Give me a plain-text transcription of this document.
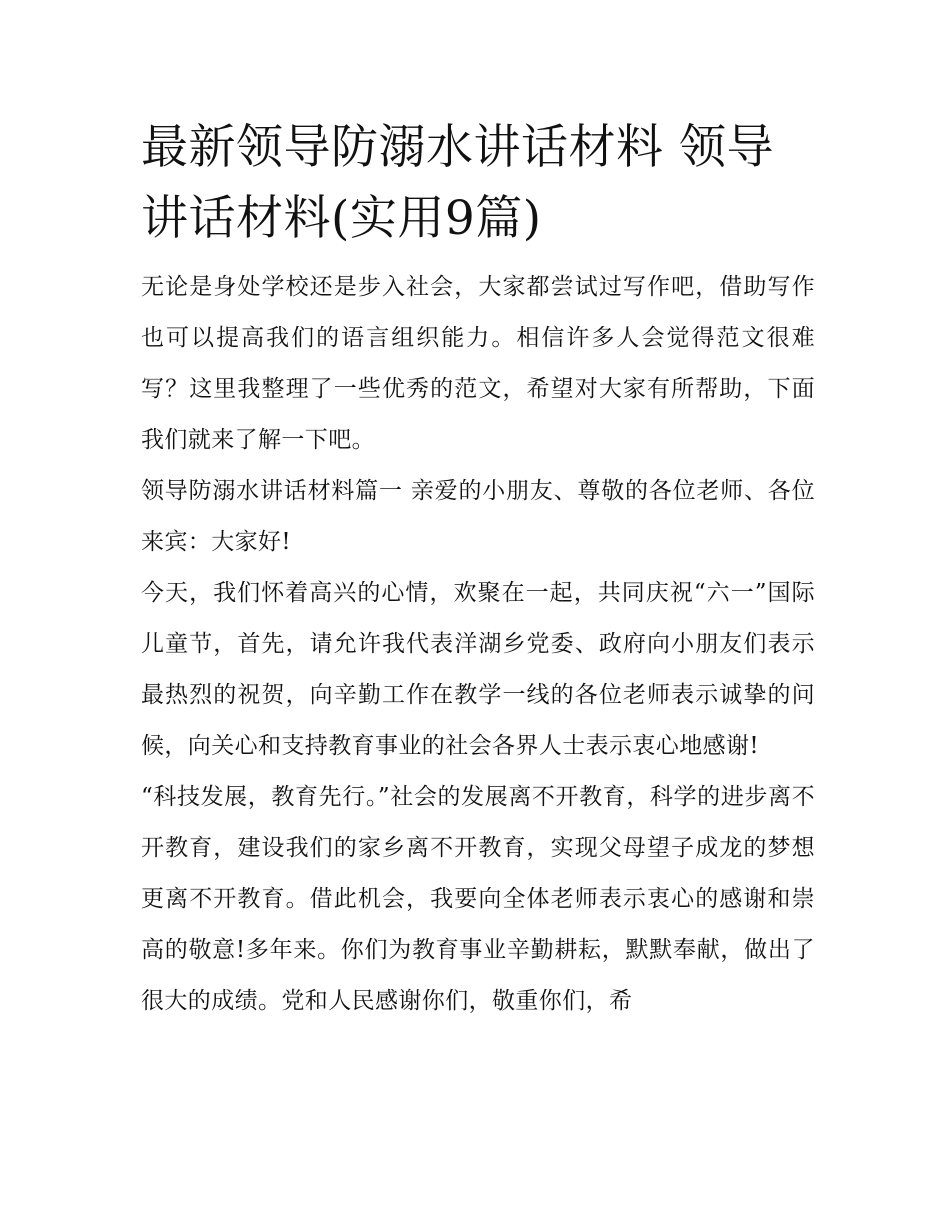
最新领导防溺水讲话材料 领导讲话材料(实用9篇)

无论是身处学校还是步入社会，大家都尝试过写作吧，借助写作也可以提高我们的语言组织能力。相信许多人会觉得范文很难写？这里我整理了一些优秀的范文，希望对大家有所帮助，下面我们就来了解一下吧。

领导防溺水讲话材料篇一 亲爱的小朋友、尊敬的各位老师、各位来宾：大家好!

今天，我们怀着高兴的心情，欢聚在一起，共同庆祝“六一”国际儿童节，首先，请允许我代表洋湖乡党委、政府向小朋友们表示最热烈的祝贺，向辛勤工作在教学一线的各位老师表示诚挚的问候，向关心和支持教育事业的社会各界人士表示衷心地感谢!

“科技发展，教育先行。”社会的发展离不开教育，科学的进步离不开教育，建设我们的家乡离不开教育，实现父母望子成龙的梦想更离不开教育。借此机会，我要向全体老师表示衷心的感谢和崇高的敬意!多年来。你们为教育事业辛勤耕耘，默默奉献，做出了很大的成绩。党和人民感谢你们，敬重你们，希
